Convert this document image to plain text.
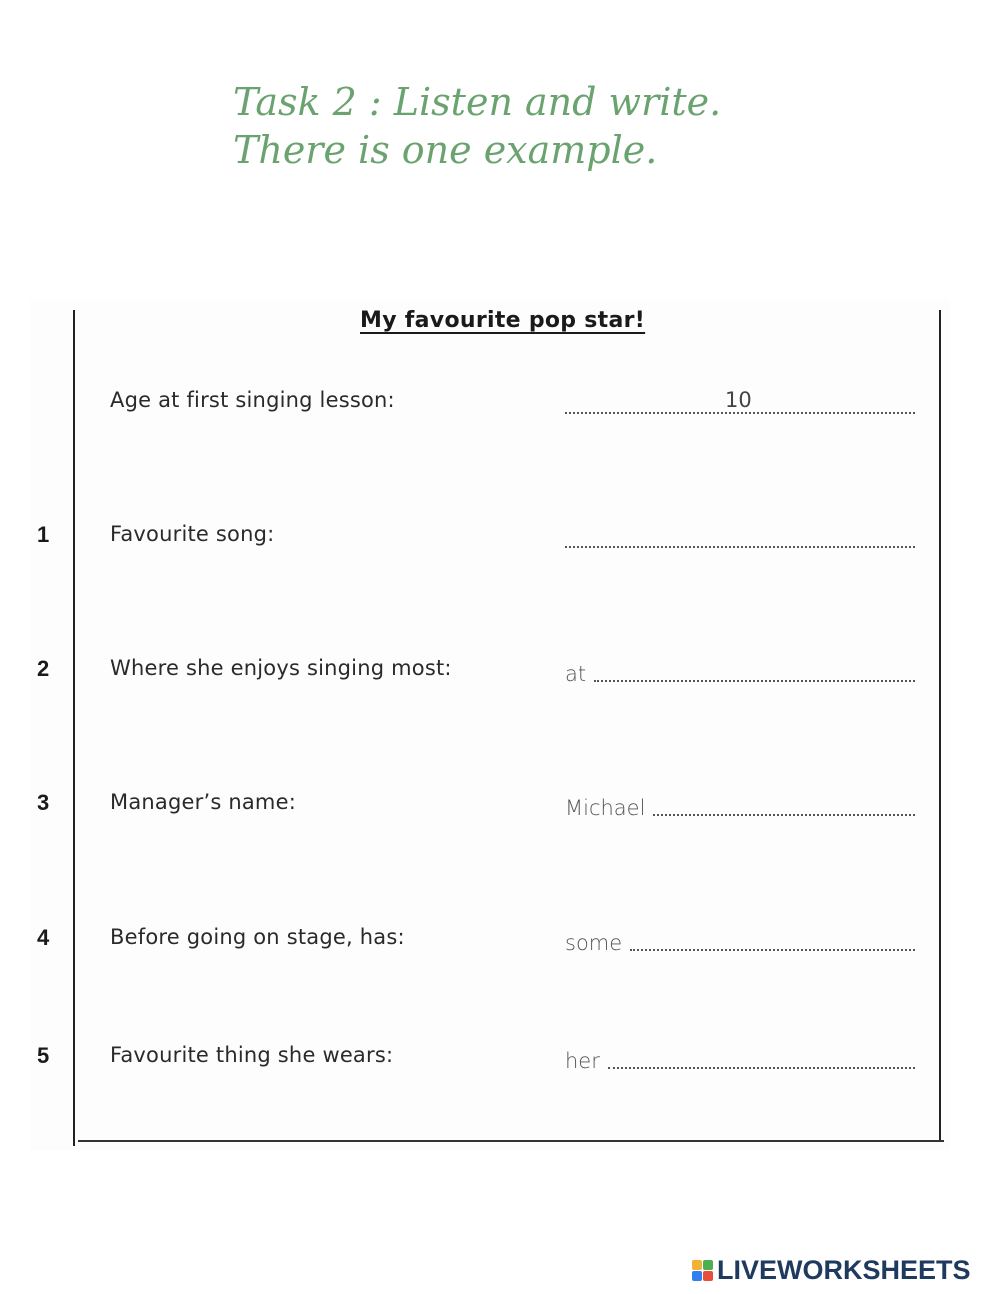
Task 2 : Listen and write.
There is one example.
My favourite pop star!
Age at first singing lesson:	10
1	Favourite song:
2	Where she enjoys singing most:	at
3	Manager’s name:	Michael
4	Before going on stage, has:	some
5	Favourite thing she wears:	her
LIVEWORKSHEETS
